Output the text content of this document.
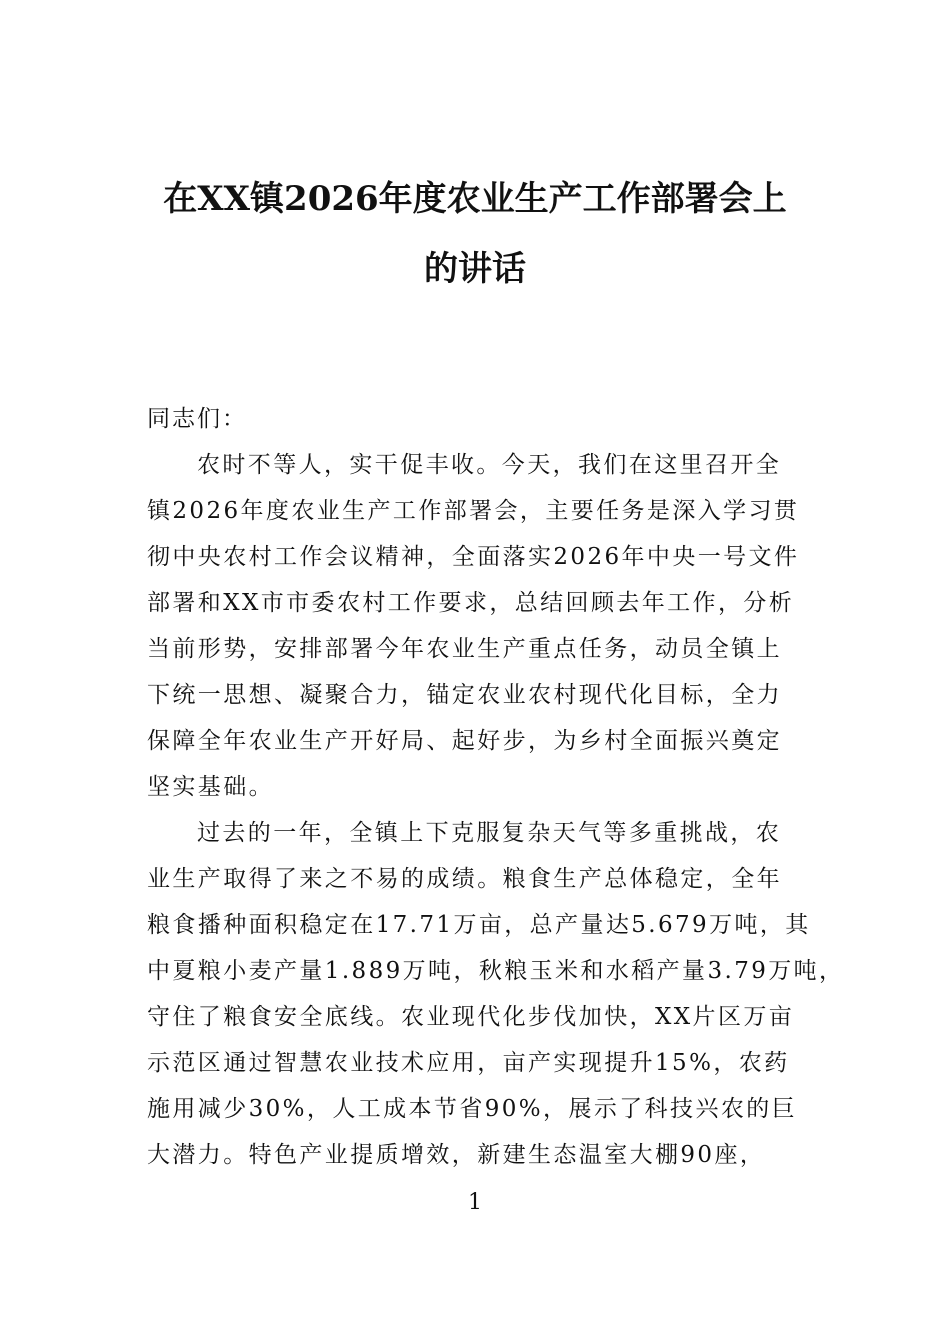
在XX镇2026年度农业生产工作部署会上
的讲话

同志们：

农时不等人，实干促丰收。今天，我们在这里召开全
镇2026年度农业生产工作部署会，主要任务是深入学习贯
彻中央农村工作会议精神，全面落实2026年中央一号文件
部署和XX市市委农村工作要求，总结回顾去年工作，分析
当前形势，安排部署今年农业生产重点任务，动员全镇上
下统一思想、凝聚合力，锚定农业农村现代化目标，全力
保障全年农业生产开好局、起好步，为乡村全面振兴奠定
坚实基础。

过去的一年，全镇上下克服复杂天气等多重挑战，农
业生产取得了来之不易的成绩。粮食生产总体稳定，全年
粮食播种面积稳定在17.71万亩，总产量达5.679万吨，其
中夏粮小麦产量1.889万吨，秋粮玉米和水稻产量3.79万吨，
守住了粮食安全底线。农业现代化步伐加快，XX片区万亩
示范区通过智慧农业技术应用，亩产实现提升15%，农药
施用减少30%，人工成本节省90%，展示了科技兴农的巨
大潜力。特色产业提质增效，新建生态温室大棚90座，

1
